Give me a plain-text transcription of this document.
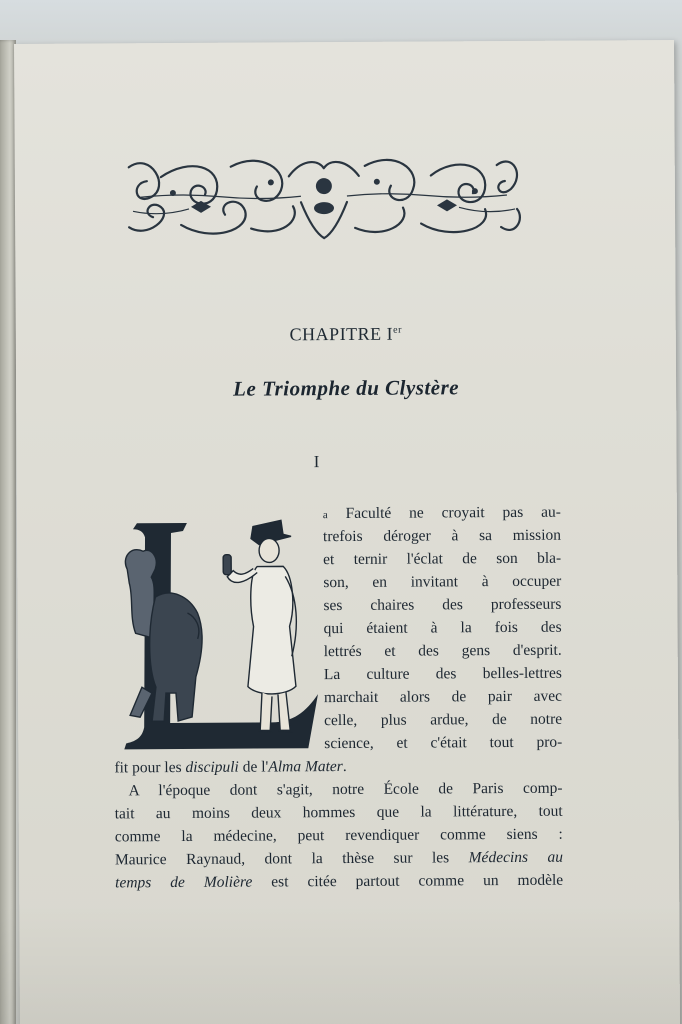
CHAPITRE Ier
Le Triomphe du Clystère
I
a Faculté ne croyait pas au-
trefois déroger à sa mission
et ternir l'éclat de son bla-
son, en invitant à occuper
ses chaires des professeurs
qui étaient à la fois des
lettrés et des gens d'esprit.
La culture des belles-lettres
marchait alors de pair avec
celle, plus ardue, de notre
science, et c'était tout pro-
fit pour les discipuli de l'Alma Mater.
A l'époque dont s'agit, notre École de Paris comp-
tait au moins deux hommes que la littérature, tout
comme la médecine, peut revendiquer comme siens :
Maurice Raynaud, dont la thèse sur les Médecins au
temps de Molière est citée partout comme un modèle
